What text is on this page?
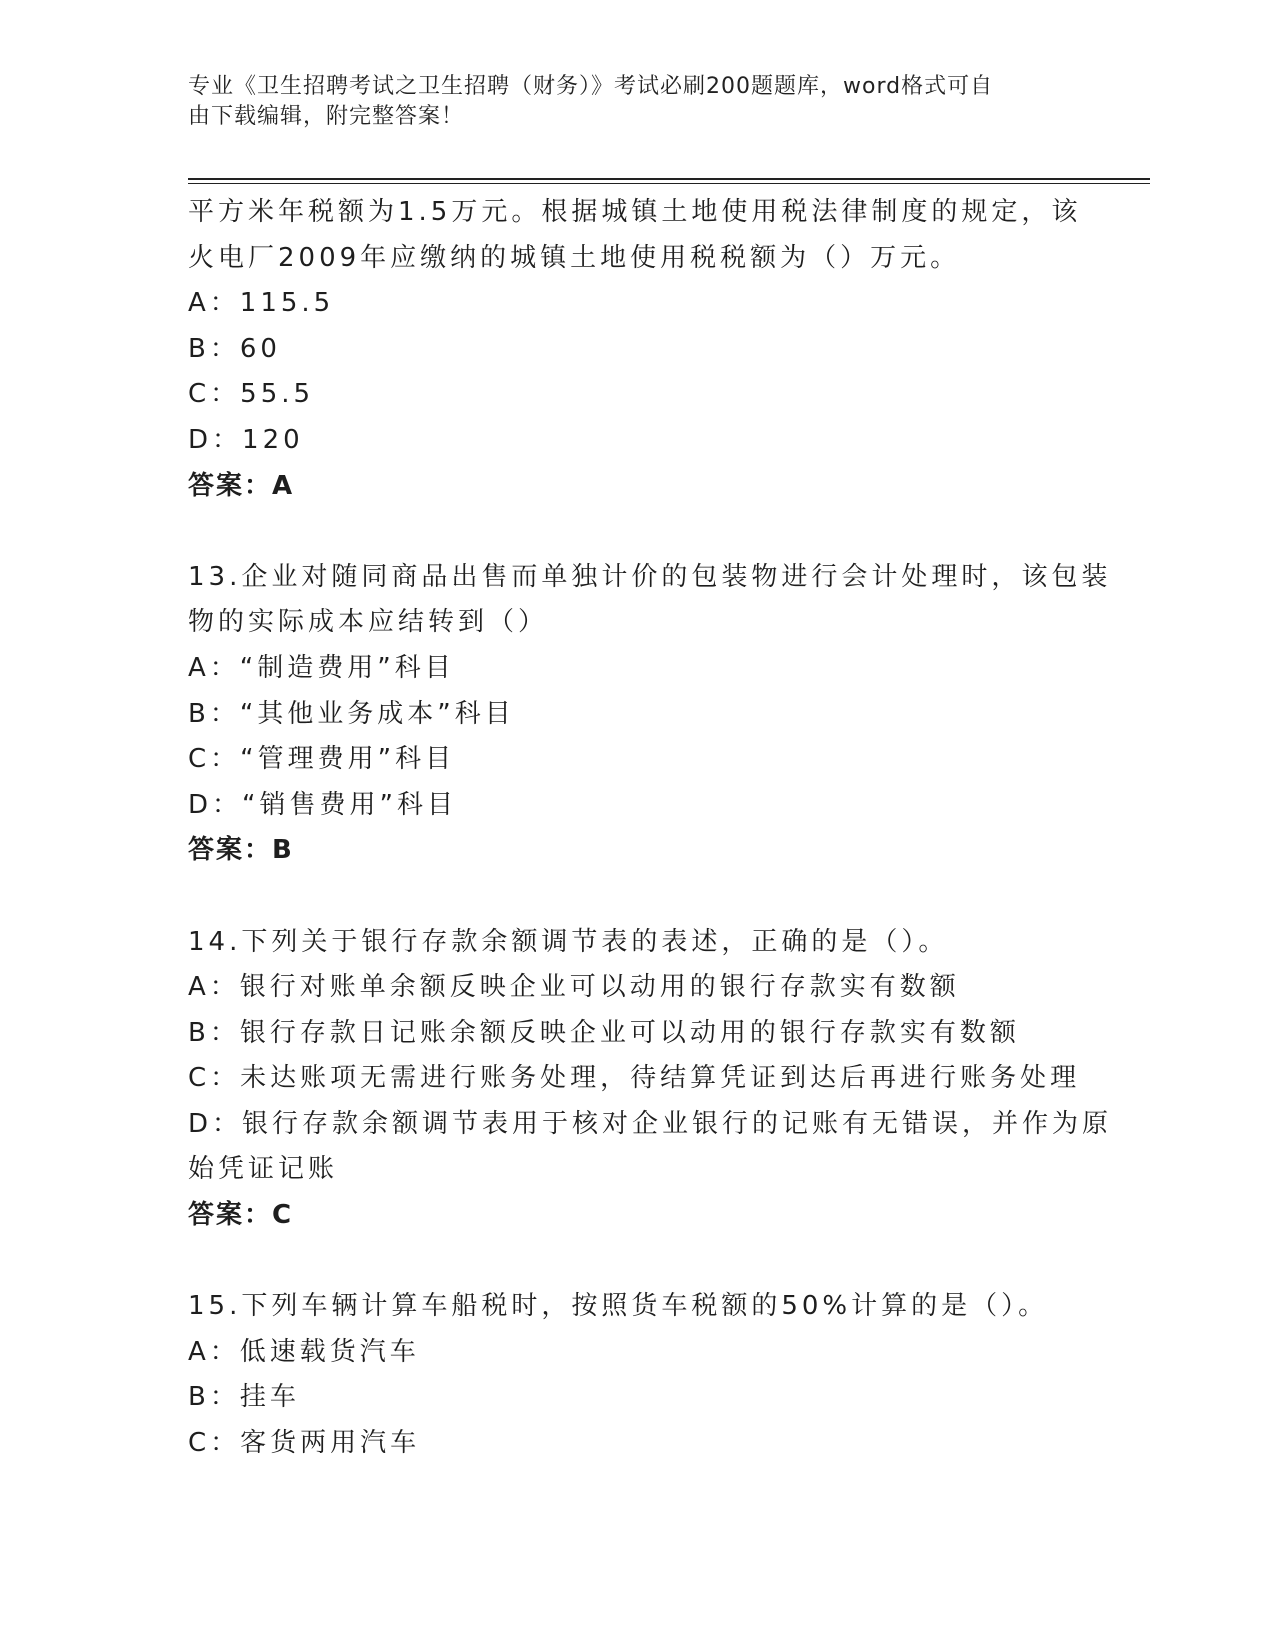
专业《卫生招聘考试之卫生招聘（财务）》考试必刷200题题库，word格式可自
由下载编辑，附完整答案！

平方米年税额为1.5万元。根据城镇土地使用税法律制度的规定，该

火电厂2009年应缴纳的城镇土地使用税税额为（）万元。

A：115.5

B：60

C：55.5

D：120

答案：A

13.企业对随同商品出售而单独计价的包装物进行会计处理时，该包装

物的实际成本应结转到（）

A：“制造费用”科目

B：“其他业务成本”科目

C：“管理费用”科目

D：“销售费用”科目

答案：B

14.下列关于银行存款余额调节表的表述，正确的是（）。

A：银行对账单余额反映企业可以动用的银行存款实有数额

B：银行存款日记账余额反映企业可以动用的银行存款实有数额

C：未达账项无需进行账务处理，待结算凭证到达后再进行账务处理

D：银行存款余额调节表用于核对企业银行的记账有无错误，并作为原

始凭证记账

答案：C

15.下列车辆计算车船税时，按照货车税额的50%计算的是（）。

A：低速载货汽车

B：挂车

C：客货两用汽车
